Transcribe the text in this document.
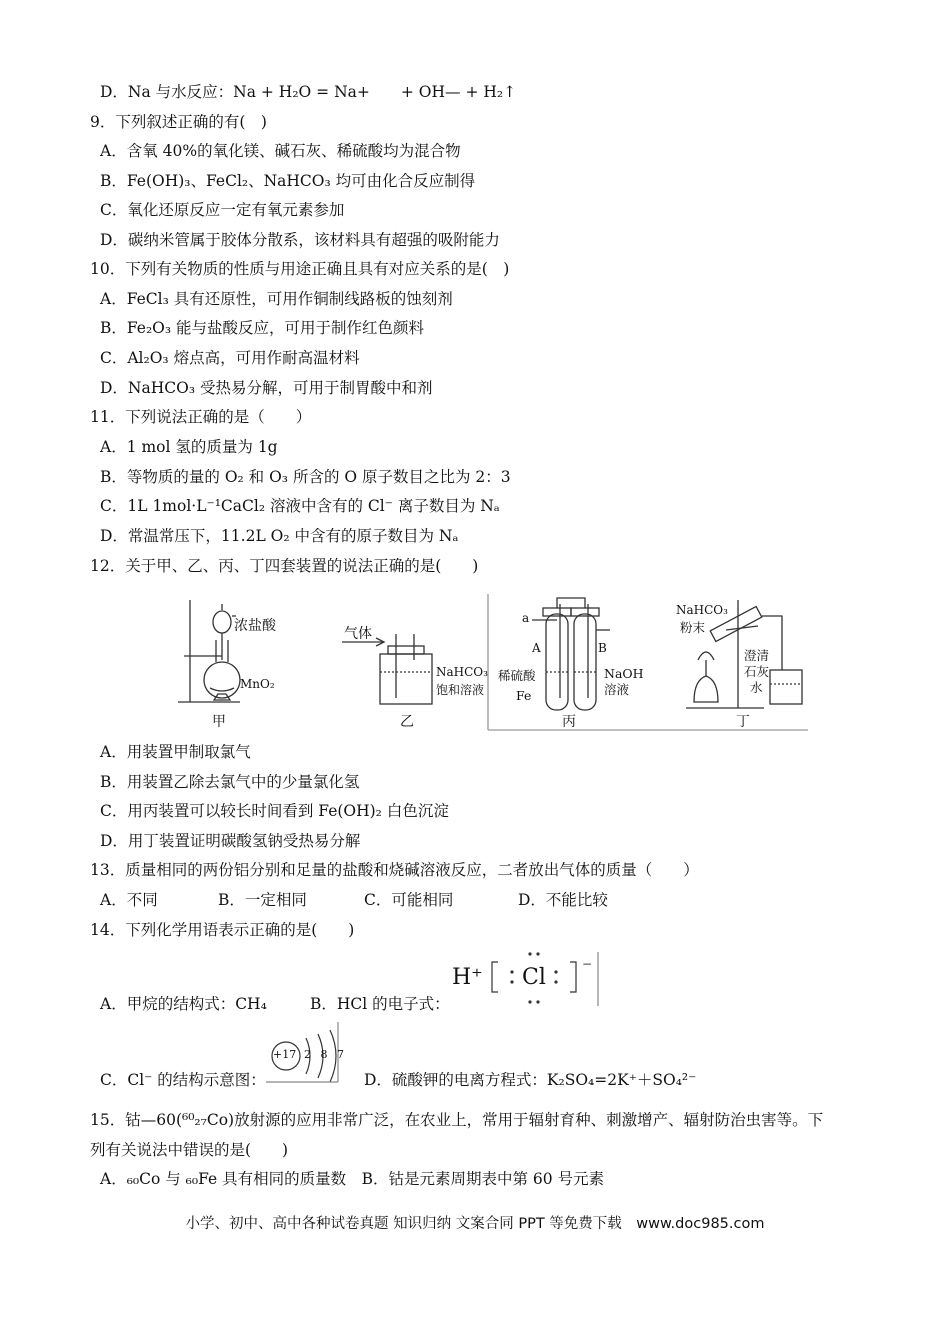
D．Na 与水反应：Na + H₂O = Na+　　+ OH— + H₂↑
9．下列叙述正确的有(　)
A．含氧 40%的氧化镁、碱石灰、稀硫酸均为混合物
B．Fe(OH)₃、FeCl₂、NaHCO₃ 均可由化合反应制得
C．氧化还原反应一定有氧元素参加
D．碳纳米管属于胶体分散系，该材料具有超强的吸附能力
10．下列有关物质的性质与用途正确且具有对应关系的是(　)
A．FeCl₃ 具有还原性，可用作铜制线路板的蚀刻剂
B．Fe₂O₃ 能与盐酸反应，可用于制作红色颜料
C．Al₂O₃ 熔点高，可用作耐高温材料
D．NaHCO₃ 受热易分解，可用于制胃酸中和剂
11．下列说法正确的是（　　）
A．1 mol 氢的质量为 1g
B．等物质的量的 O₂ 和 O₃ 所含的 O 原子数目之比为 2：3
C．1L 1mol·L⁻¹CaCl₂ 溶液中含有的 Cl⁻ 离子数目为 Nₐ
D．常温常压下，11.2L O₂ 中含有的原子数目为 Nₐ
12．关于甲、乙、丙、丁四套装置的说法正确的是(　　)
浓盐酸
MnO₂
甲
气体
NaHCO₃
饱和溶液
乙
a
A	B
稀硫酸
Fe
NaOH
溶液
丙
NaHCO₃
粉末
澄清
石灰
水
丁
A．用装置甲制取氯气
B．用装置乙除去氯气中的少量氯化氢
C．用丙装置可以较长时间看到 Fe(OH)₂ 白色沉淀
D．用丁装置证明碳酸氢钠受热易分解
13．质量相同的两份铝分别和足量的盐酸和烧碱溶液反应，二者放出气体的质量（　　）
A．不同	B．一定相同	C．可能相同	D．不能比较
14．下列化学用语表示正确的是(　　)
−
H⁺ Cl
A．甲烷的结构式：CH₄	B．HCl 的电子式：
+17 2 8 7
C．Cl⁻ 的结构示意图：	D．硫酸钾的电离方程式：K₂SO₄=2K⁺＋SO₄²⁻
15．钴—60(⁶⁰₂₇Co)放射源的应用非常广泛，在农业上，常用于辐射育种、刺激增产、辐射防治虫害等。下
列有关说法中错误的是(　　)
A．₆₀Co 与 ₆₀Fe 具有相同的质量数　B．钴是元素周期表中第 60 号元素
小学、初中、高中各种试卷真题 知识归纳 文案合同 PPT 等免费下载　www.doc985.com
